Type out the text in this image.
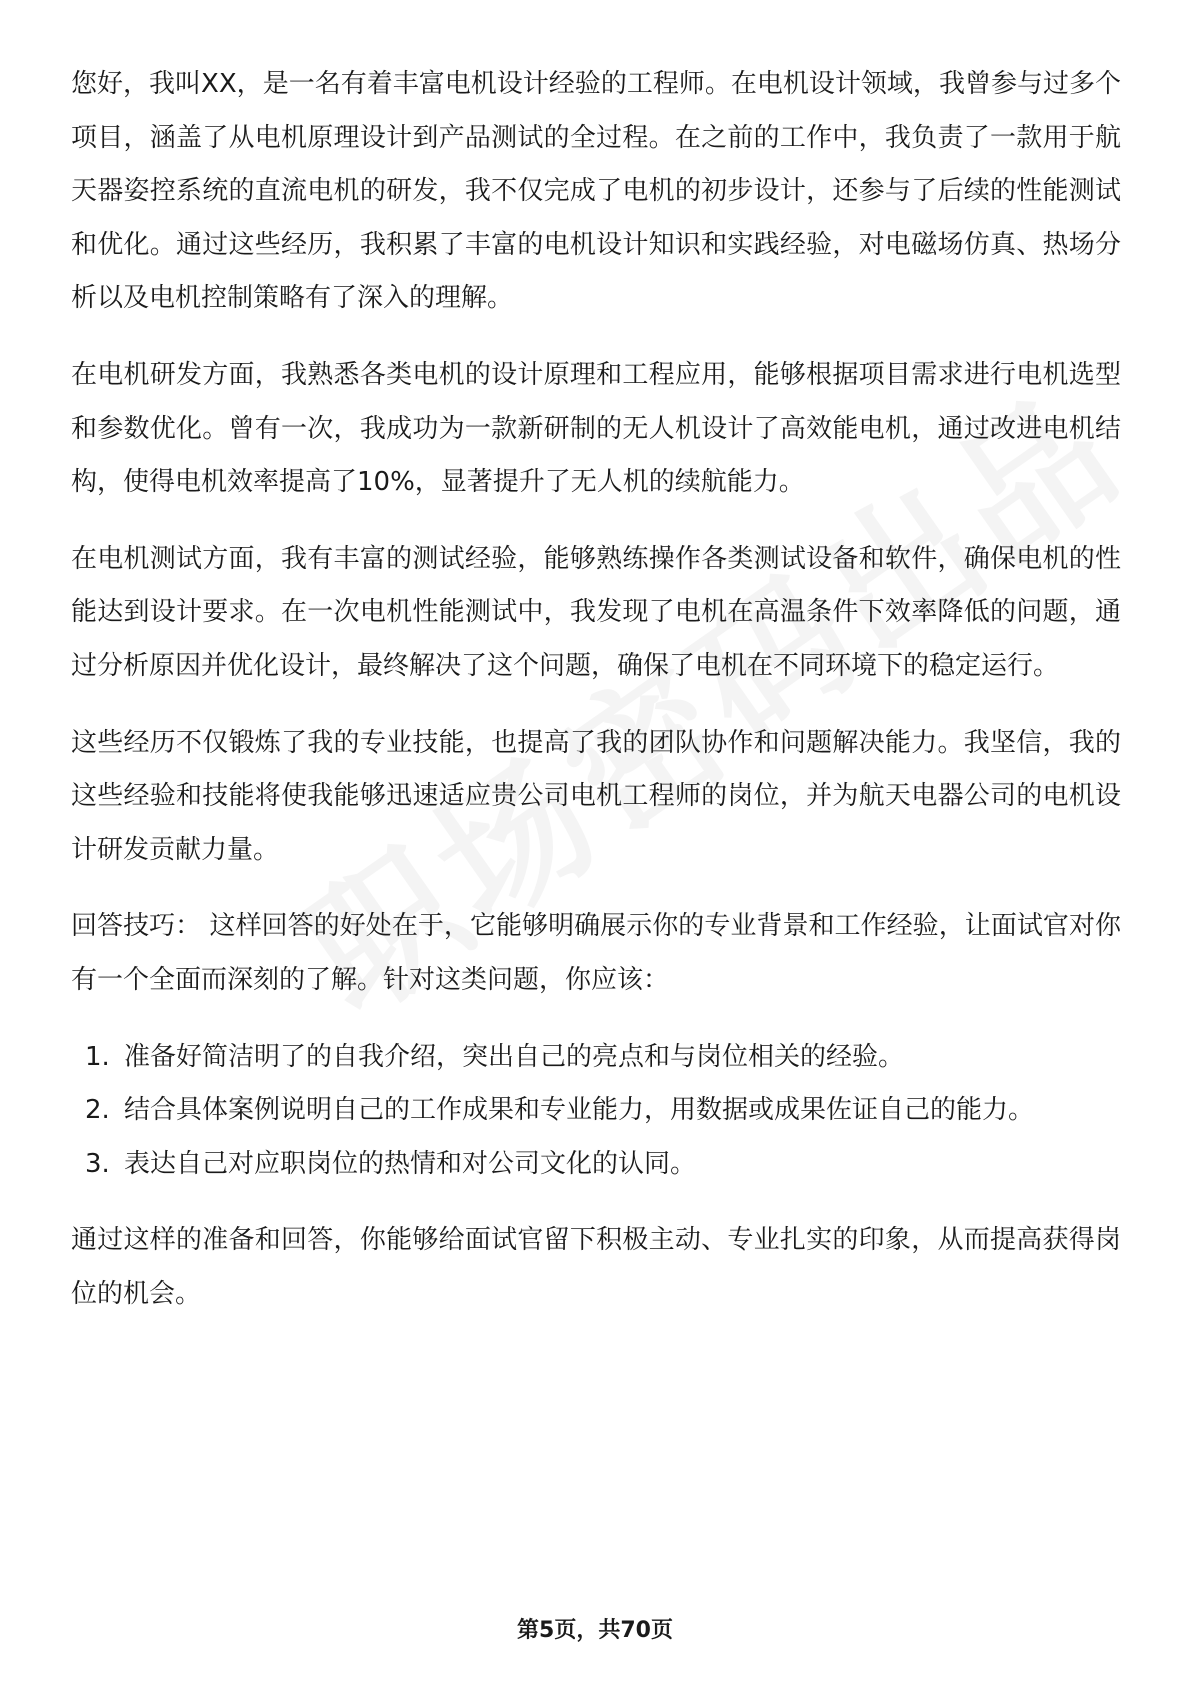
您好，我叫XX，是一名有着丰富电机设计经验的工程师。在电机设计领域，我曾参与过多个项目，涵盖了从电机原理设计到产品测试的全过程。在之前的工作中，我负责了一款用于航天器姿控系统的直流电机的研发，我不仅完成了电机的初步设计，还参与了后续的性能测试和优化。通过这些经历，我积累了丰富的电机设计知识和实践经验，对电磁场仿真、热场分析以及电机控制策略有了深入的理解。

在电机研发方面，我熟悉各类电机的设计原理和工程应用，能够根据项目需求进行电机选型和参数优化。曾有一次，我成功为一款新研制的无人机设计了高效能电机，通过改进电机结构，使得电机效率提高了10%，显著提升了无人机的续航能力。

在电机测试方面，我有丰富的测试经验，能够熟练操作各类测试设备和软件，确保电机的性能达到设计要求。在一次电机性能测试中，我发现了电机在高温条件下效率降低的问题，通过分析原因并优化设计，最终解决了这个问题，确保了电机在不同环境下的稳定运行。

这些经历不仅锻炼了我的专业技能，也提高了我的团队协作和问题解决能力。我坚信，我的这些经验和技能将使我能够迅速适应贵公司电机工程师的岗位，并为航天电器公司的电机设计研发贡献力量。

回答技巧： 这样回答的好处在于，它能够明确展示你的专业背景和工作经验，让面试官对你有一个全面而深刻的了解。针对这类问题，你应该：

1. 准备好简洁明了的自我介绍，突出自己的亮点和与岗位相关的经验。
2. 结合具体案例说明自己的工作成果和专业能力，用数据或成果佐证自己的能力。
3. 表达自己对应职岗位的热情和对公司文化的认同。

通过这样的准备和回答，你能够给面试官留下积极主动、专业扎实的印象，从而提高获得岗位的机会。

第5页，共70页
